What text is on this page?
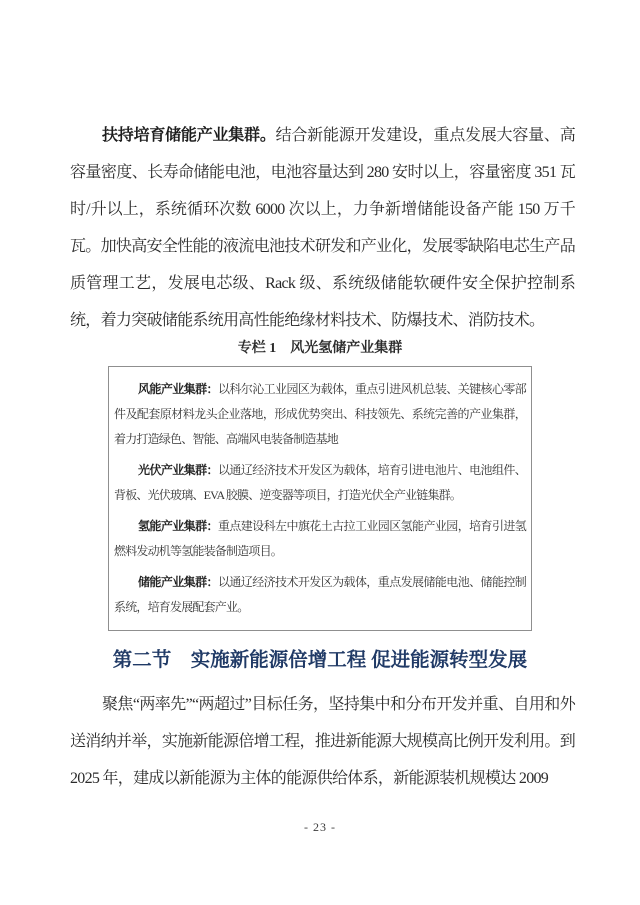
扶持培育储能产业集群。结合新能源开发建设，重点发展大容量、高容量密度、长寿命储能电池，电池容量达到 280 安时以上，容量密度 351 瓦时/升以上，系统循环次数 6000 次以上，力争新增储能设备产能 150 万千瓦。加快高安全性能的液流电池技术研发和产业化，发展零缺陷电芯生产品质管理工艺，发展电芯级、Rack 级、系统级储能软硬件安全保护控制系统，着力突破储能系统用高性能绝缘材料技术、防爆技术、消防技术。

专栏 1　风光氢储产业集群

风能产业集群：以科尔沁工业园区为载体，重点引进风机总装、关键核心零部件及配套原材料龙头企业落地，形成优势突出、科技领先、系统完善的产业集群，着力打造绿色、智能、高端风电装备制造基地

光伏产业集群：以通辽经济技术开发区为载体，培育引进电池片、电池组件、背板、光伏玻璃、EVA 胶膜、逆变器等项目，打造光伏全产业链集群。

氢能产业集群：重点建设科左中旗花土古拉工业园区氢能产业园，培育引进氢燃料发动机等氢能装备制造项目。

储能产业集群：以通辽经济技术开发区为载体，重点发展储能电池、储能控制系统，培育发展配套产业。

第二节　实施新能源倍增工程 促进能源转型发展

聚焦“两率先”“两超过”目标任务，坚持集中和分布开发并重、自用和外送消纳并举，实施新能源倍增工程，推进新能源大规模高比例开发利用。到 2025 年，建成以新能源为主体的能源供给体系，新能源装机规模达 2009

- 23 -
